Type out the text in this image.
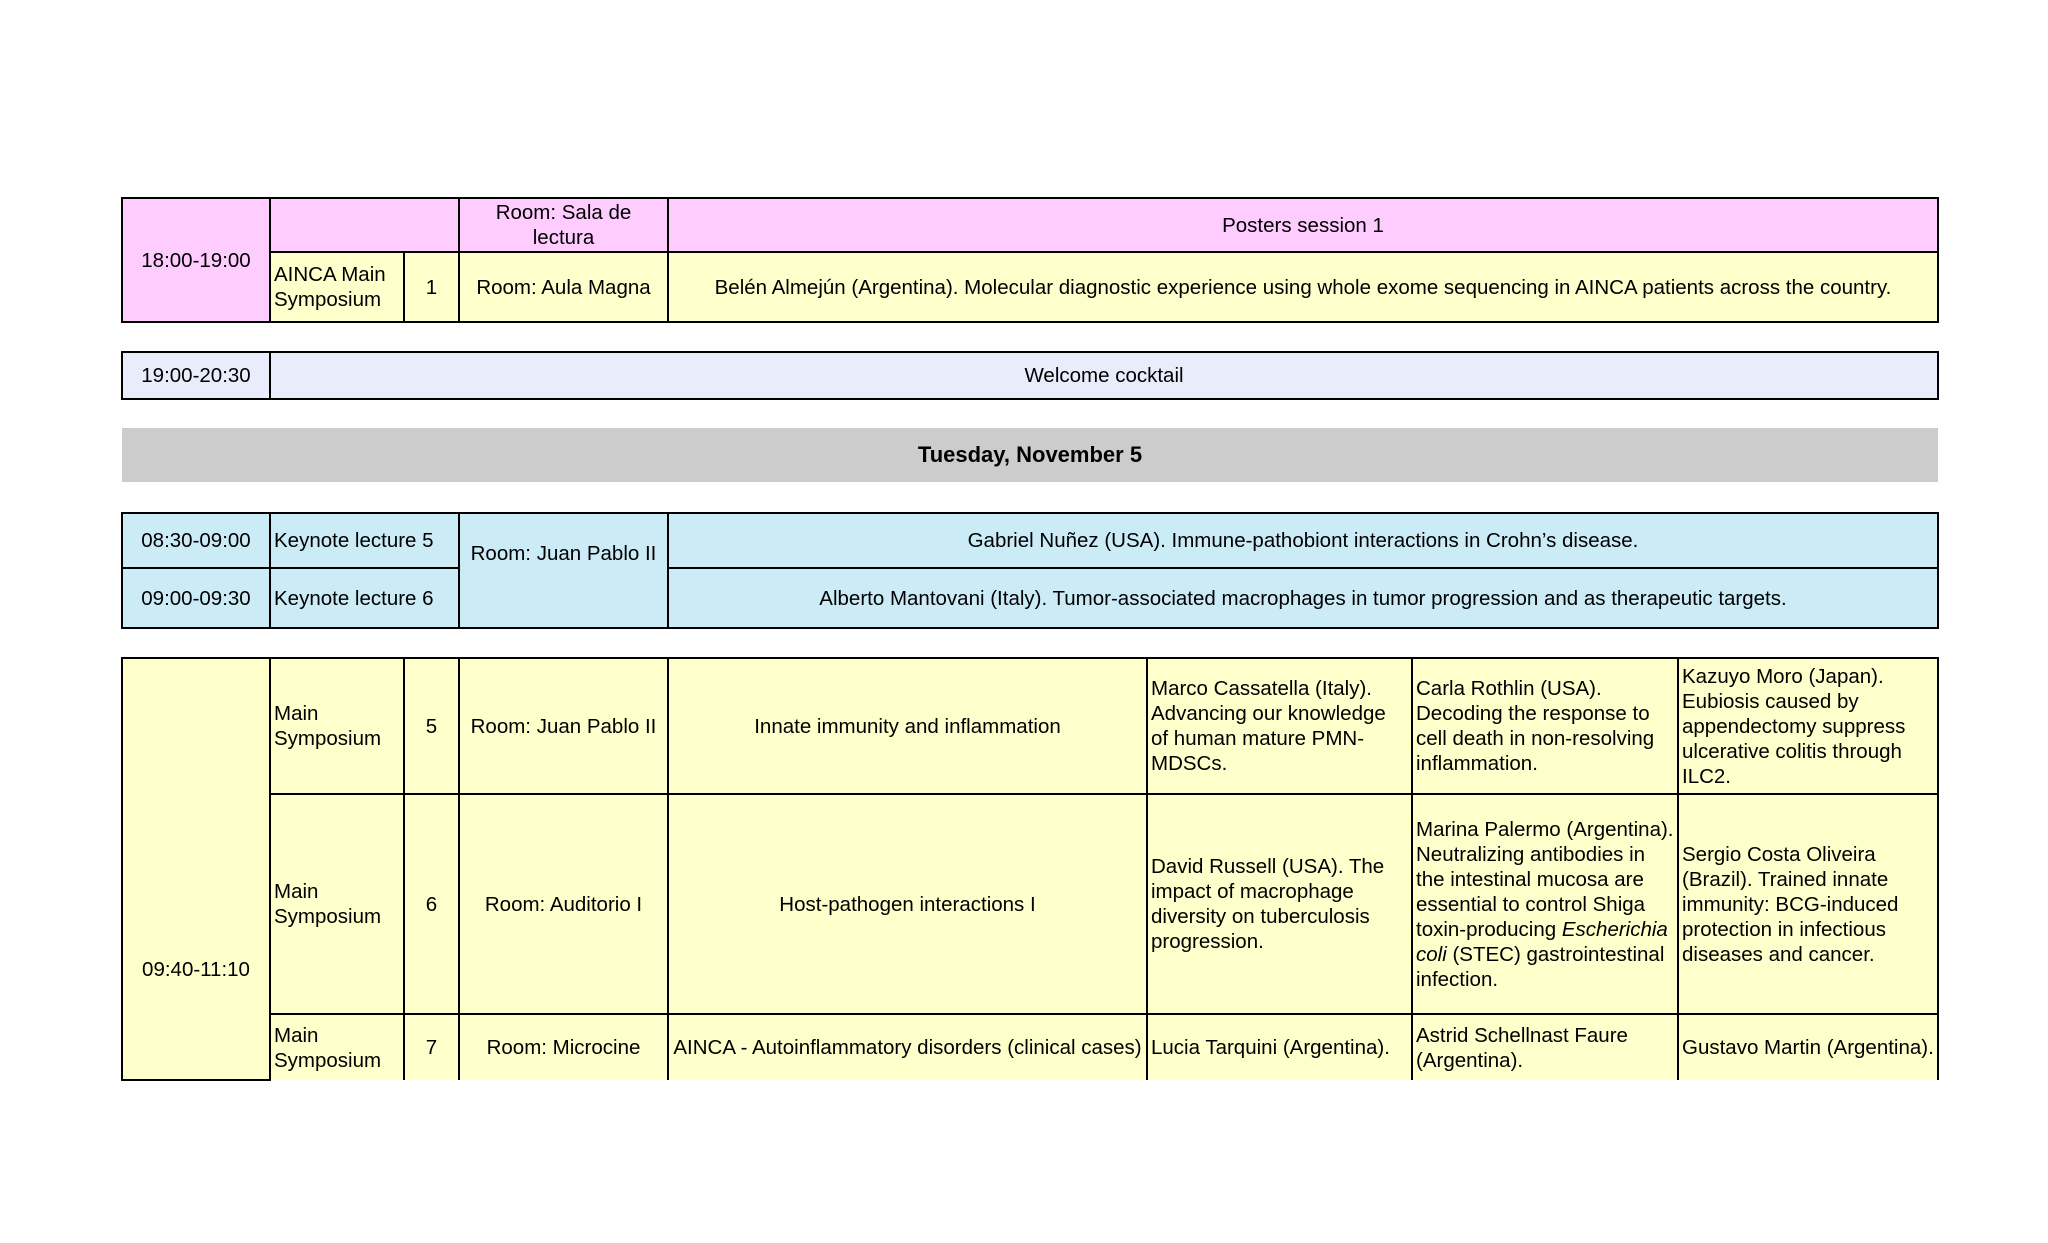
18:00-19:00			Room: Sala de lectura	Posters session 1
	AINCA Main Symposium	1	Room: Aula Magna	Belén Almejún (Argentina). Molecular diagnostic experience using whole exome sequencing in AINCA patients across the country.
19:00-20:30	Welcome cocktail
Tuesday, November 5
08:30-09:00	Keynote lecture 5	Room: Juan Pablo II	Gabriel Nuñez (USA). Immune-pathobiont interactions in Crohn’s disease.
09:00-09:30	Keynote lecture 6		Alberto Mantovani (Italy). Tumor-associated macrophages in tumor progression and as therapeutic targets.
09:40-11:10	Main Symposium	5	Room: Juan Pablo II	Innate immunity and inflammation	Marco Cassatella (Italy). Advancing our knowledge of human mature PMN-MDSCs.	Carla Rothlin (USA). Decoding the response to cell death in non-resolving inflammation.	Kazuyo Moro (Japan). Eubiosis caused by appendectomy suppress ulcerative colitis through ILC2.
	Main Symposium	6	Room: Auditorio I	Host-pathogen interactions I	David Russell (USA). The impact of macrophage diversity on tuberculosis progression.	Marina Palermo (Argentina). Neutralizing antibodies in the intestinal mucosa are essential to control Shiga toxin-producing Escherichia coli (STEC) gastrointestinal infection.	Sergio Costa Oliveira (Brazil). Trained innate immunity: BCG-induced protection in infectious diseases and cancer.
	Main Symposium	7	Room: Microcine	AINCA - Autoinflammatory disorders (clinical cases)	Lucia Tarquini (Argentina).	Astrid Schellnast Faure (Argentina).	Gustavo Martin (Argentina).
